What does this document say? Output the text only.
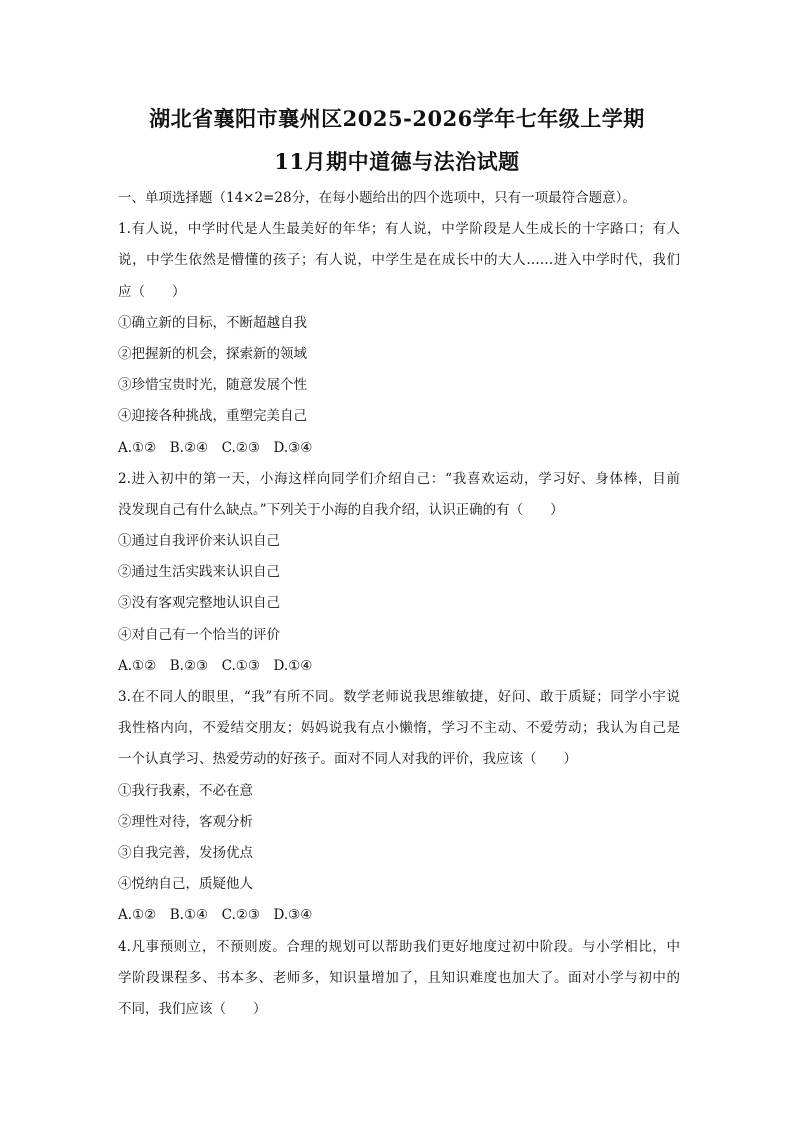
湖北省襄阳市襄州区2025-2026学年七年级上学期
11月期中道德与法治试题
一、单项选择题（14×2=28分，在每小题给出的四个选项中，只有一项最符合题意）。
1.有人说，中学时代是人生最美好的年华；有人说，中学阶段是人生成长的十字路口；有人
说，中学生依然是懵懂的孩子；有人说，中学生是在成长中的大人……进入中学时代，我们
应（　　）
①确立新的目标，不断超越自我
②把握新的机会，探索新的领域
③珍惜宝贵时光，随意发展个性
④迎接各种挑战，重塑完美自己
A.①②　B.②④　C.②③　D.③④
2.进入初中的第一天，小海这样向同学们介绍自己：“我喜欢运动，学习好、身体棒，目前
没发现自己有什么缺点。”下列关于小海的自我介绍，认识正确的有（　　）
①通过自我评价来认识自己
②通过生活实践来认识自己
③没有客观完整地认识自己
④对自己有一个恰当的评价
A.①②　B.②③　C.①③　D.①④
3.在不同人的眼里，“我”有所不同。数学老师说我思维敏捷，好问、敢于质疑；同学小宇说
我性格内向，不爱结交朋友；妈妈说我有点小懒惰，学习不主动、不爱劳动；我认为自己是
一个认真学习、热爱劳动的好孩子。面对不同人对我的评价，我应该（　　）
①我行我素，不必在意
②理性对待，客观分析
③自我完善，发扬优点
④悦纳自己，质疑他人
A.①②　B.①④　C.②③　D.③④
4.凡事预则立，不预则废。合理的规划可以帮助我们更好地度过初中阶段。与小学相比，中
学阶段课程多、书本多、老师多，知识量增加了，且知识难度也加大了。面对小学与初中的
不同，我们应该（　　）
